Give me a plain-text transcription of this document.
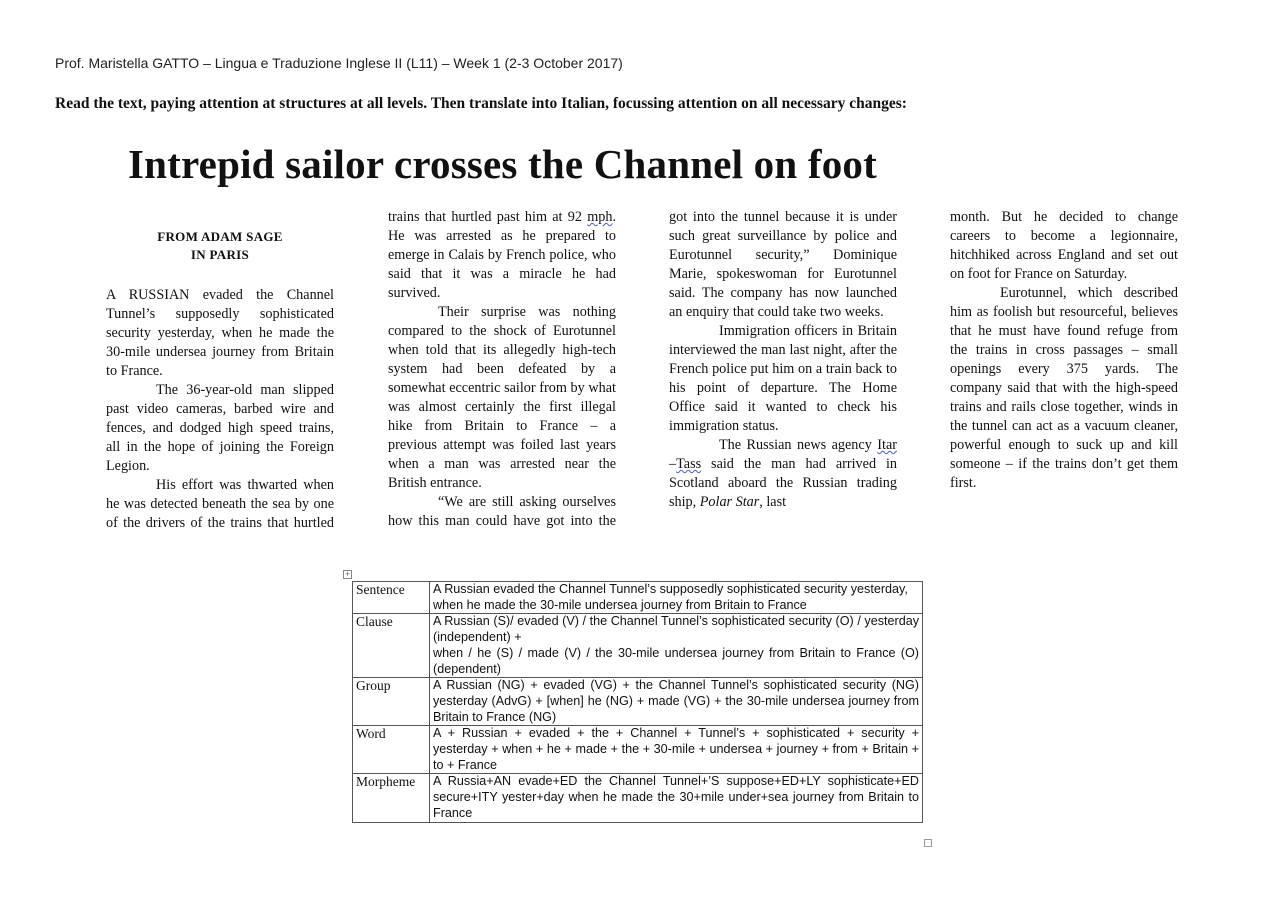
Prof. Maristella GATTO – Lingua e Traduzione Inglese II (L11) – Week 1 (2-3 October 2017)
Read the text, paying attention at structures at all levels. Then translate into Italian, focussing attention on all necessary changes:
Intrepid sailor crosses the Channel on foot
FROM ADAM SAGE
IN PARIS

A RUSSIAN evaded the Channel Tunnel’s supposedly sophisticated security yesterday, when he made the 30-mile undersea journey from Britain to France.

The 36-year-old man slipped past video cameras, barbed wire and fences, and dodged high speed trains, all in the hope of joining the Foreign Legion.

His effort was thwarted when he was detected beneath the sea by one of the drivers of the trains that hurtled

trains that hurtled past him at 92 mph. He was arrested as he prepared to emerge in Calais by French police, who said that it was a miracle he had survived.

Their surprise was nothing compared to the shock of Eurotunnel when told that its allegedly high-tech system had been defeated by a somewhat eccentric sailor from by what was almost certainly the first illegal hike from Britain to France – a previous attempt was foiled last years when a man was arrested near the British entrance.

“We are still asking ourselves how this man could have got into the

got into the tunnel because it is under such great surveillance by police and Eurotunnel security,” Dominique Marie, spokeswoman for Eurotunnel said. The company has now launched an enquiry that could take two weeks.

Immigration officers in Britain interviewed the man last night, after the French police put him on a train back to his point of departure. The Home Office said it wanted to check his immigration status.

The Russian news agency Itar –Tass said the man had arrived in Scotland aboard the Russian trading ship, Polar Star, last

month. But he decided to change careers to become a legionnaire, hitchhiked across England and set out on foot for France on Saturday.

Eurotunnel, which described him as foolish but resourceful, believes that he must have found refuge from the trains in cross passages – small openings every 375 yards. The company said that with the high-speed trains and rails close together, winds in the tunnel can act as a vacuum cleaner, powerful enough to suck up and kill someone – if the trains don’t get them first.

+
Sentence	A Russian evaded the Channel Tunnel’s supposedly sophisticated security yesterday,
when he made the 30-mile undersea journey from Britain to France

Clause	A Russian (S)/ evaded (V) / the Channel Tunnel’s sophisticated security (O) / yesterday (independent) +
when / he (S) / made (V) / the 30-mile undersea journey from Britain to France (O) (dependent)

Group	A Russian (NG) + evaded (VG) + the Channel Tunnel’s sophisticated security (NG) yesterday (AdvG) + [when] he (NG) + made (VG) + the 30-mile undersea journey from Britain to France (NG)

Word	A + Russian + evaded + the + Channel + Tunnel’s + sophisticated + security + yesterday + when + he + made + the + 30-mile + undersea + journey + from + Britain + to + France

Morpheme	A Russia+AN evade+ED the Channel Tunnel+’S suppose+ED+LY sophisticate+ED secure+ITY yester+day when he made the 30+mile under+sea journey from Britain to France
